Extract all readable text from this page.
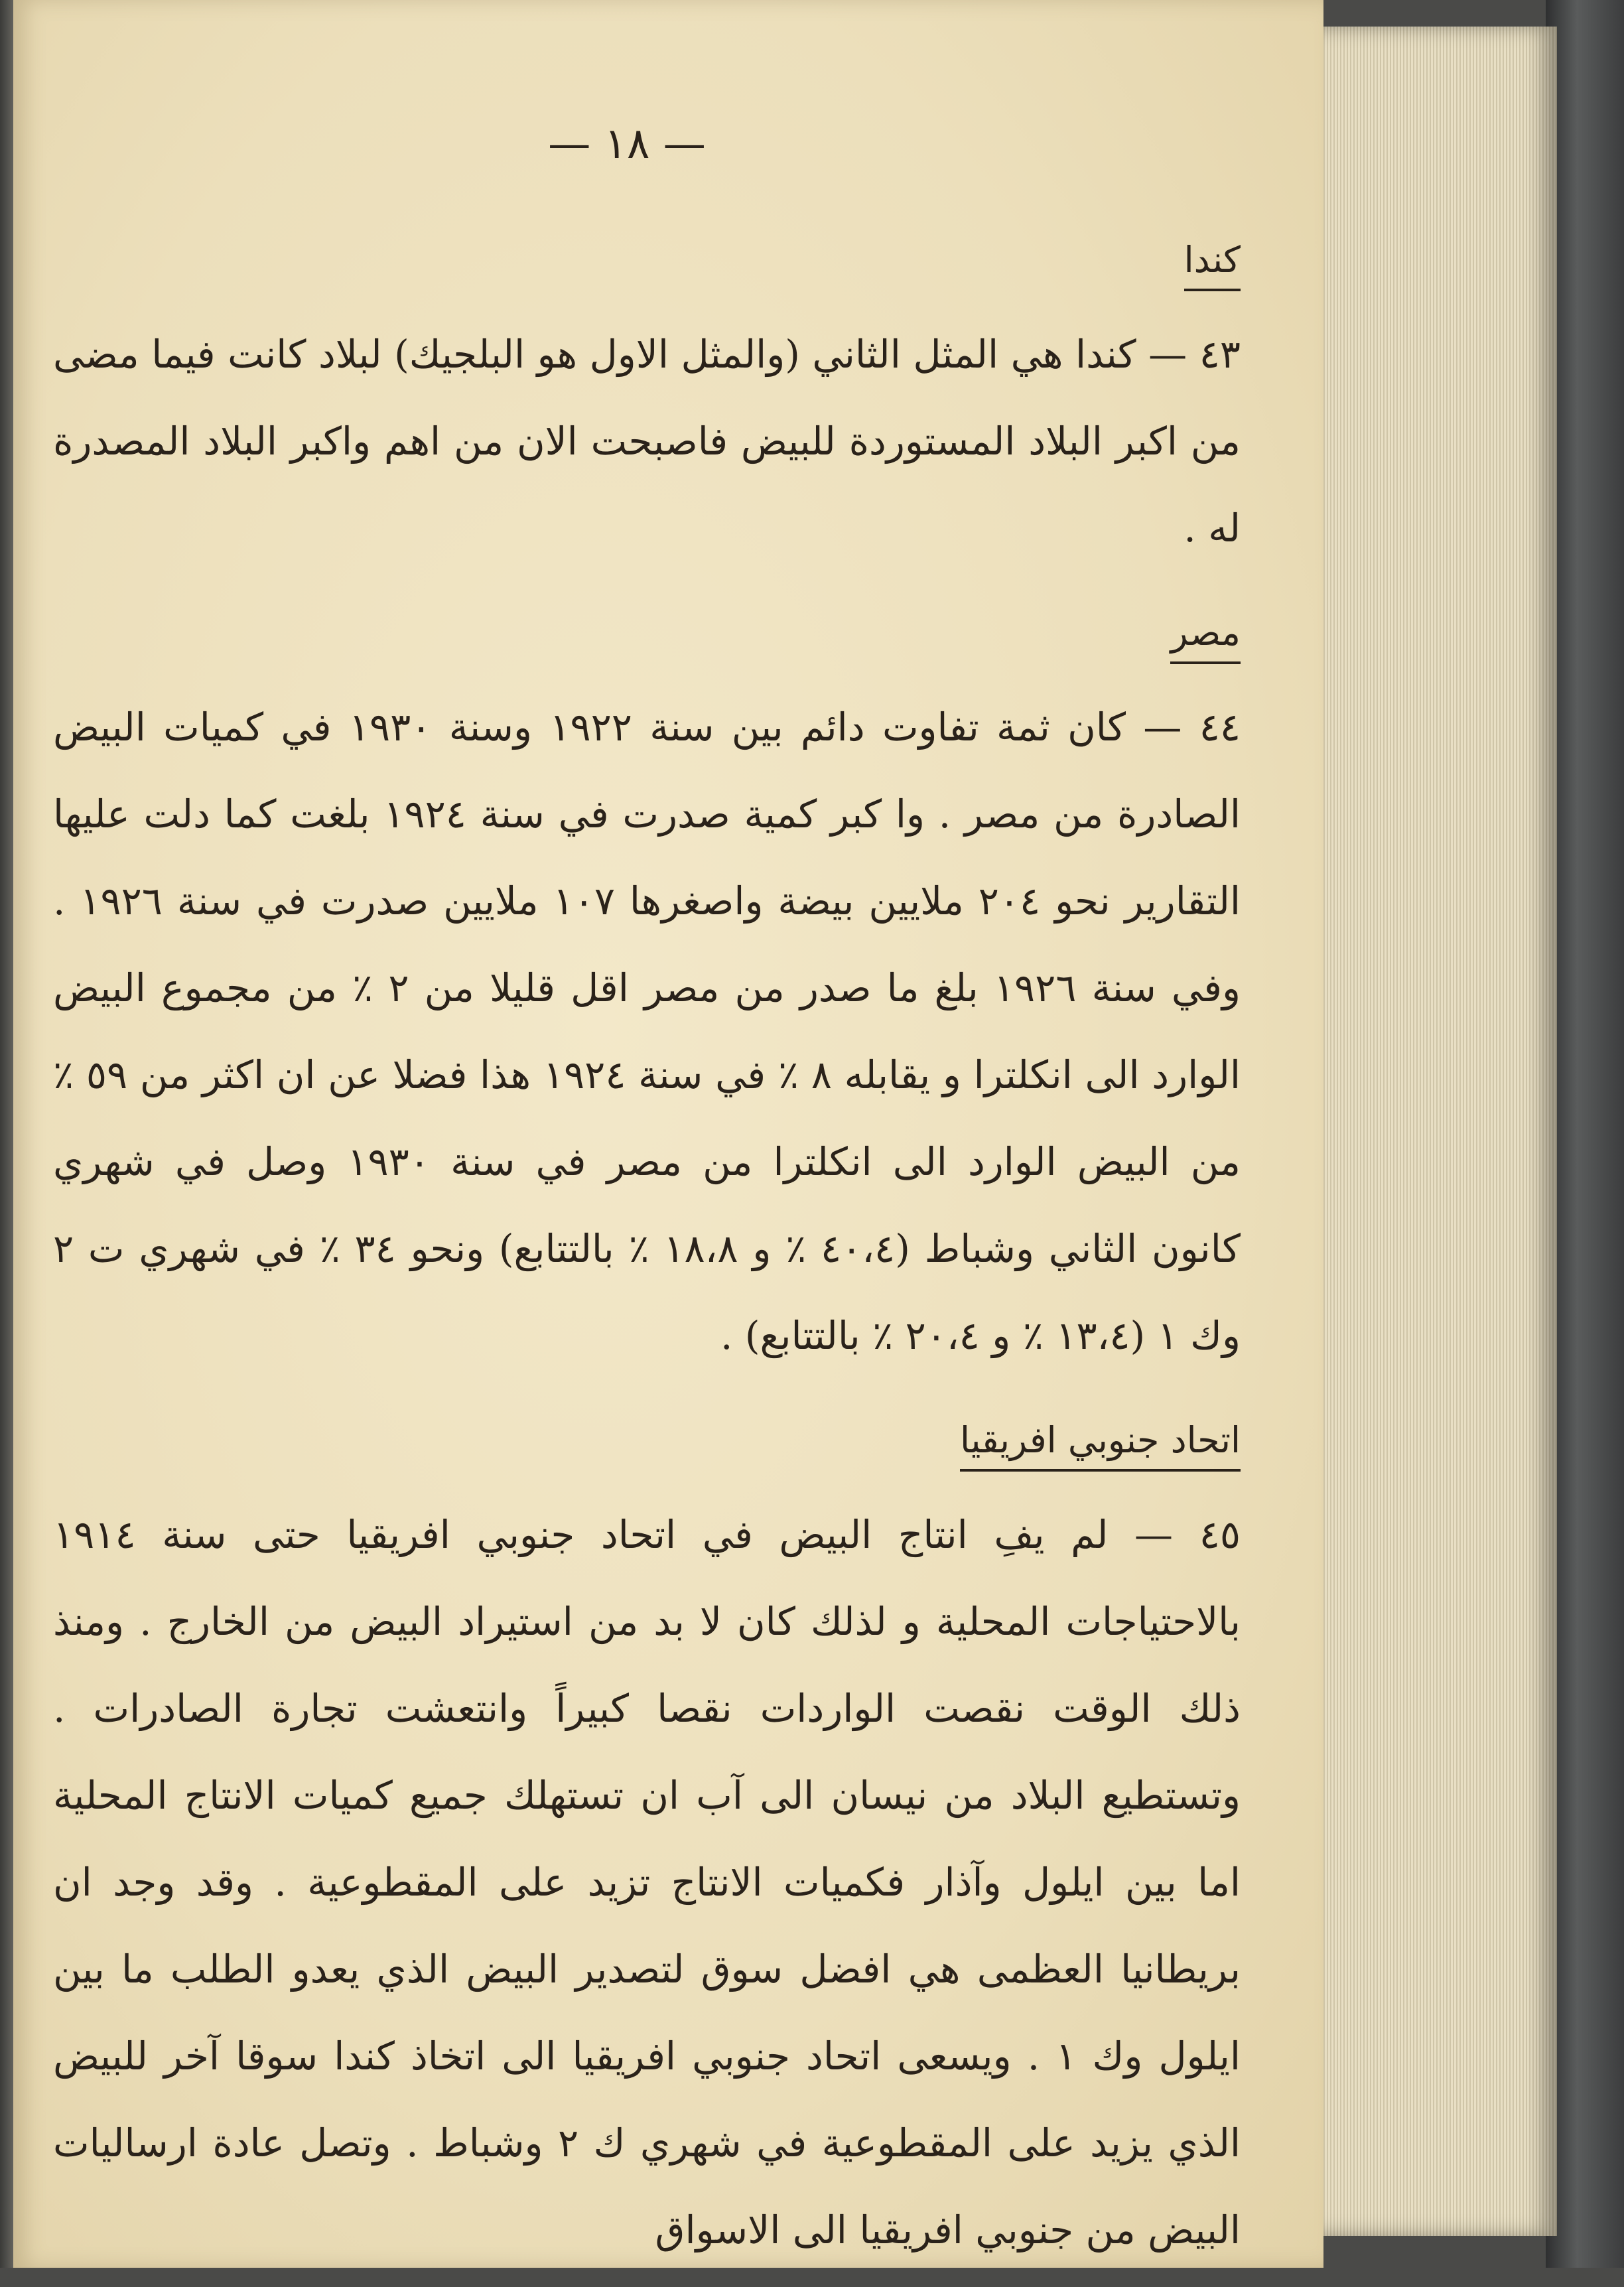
— ١٨ —
كندا

٤٣ — كندا هي المثل الثاني (والمثل الاول هو البلجيك) لبلاد كانت فيما مضى من اكبر البلاد المستوردة للبيض فاصبحت الان من اهم واكبر البلاد المصدرة له .

مصر

٤٤ — كان ثمة تفاوت دائم بين سنة ١٩٢٢ وسنة ١٩٣٠ في كميات البيض الصادرة من مصر . وا كبر كمية صدرت في سنة ١٩٢٤ بلغت كما دلت عليها التقارير نحو ٢٠٤ ملايين بيضة واصغرها ١٠٧ ملايين صدرت في سنة ١٩٢٦ . وفي سنة ١٩٢٦ بلغ ما صدر من مصر اقل قليلا من ٢ ٪ من مجموع البيض الوارد الى انكلترا و يقابله ٨ ٪ في سنة ١٩٢٤ هذا فضلا عن ان اكثر من ٥٩ ٪ من البيض الوارد الى انكلترا من مصر في سنة ١٩٣٠ وصل في شهري كانون الثاني وشباط (٤٠،٤ ٪ و ١٨،٨ ٪ بالتتابع) ونحو ٣٤ ٪ في شهري ت ٢ وك ١ (١٣،٤ ٪ و ٢٠،٤ ٪ بالتتابع) .

اتحاد جنوبي افريقيا

٤٥ — لم يفِ انتاج البيض في اتحاد جنوبي افريقيا حتى سنة ١٩١٤ بالاحتياجات المحلية و لذلك كان لا بد من استيراد البيض من الخارج . ومنذ ذلك الوقت نقصت الواردات نقصا كبيراً وانتعشت تجارة الصادرات . وتستطيع البلاد من نيسان الى آب ان تستهلك جميع كميات الانتاج المحلية اما بين ايلول وآذار فكميات الانتاج تزيد على المقطوعية . وقد وجد ان بريطانيا العظمى هي افضل سوق لتصدير البيض الذي يعدو الطلب ما بين ايلول وك ١ . ويسعى اتحاد جنوبي افريقيا الى اتخاذ كندا سوقا آخر للبيض الذي يزيد على المقطوعية في شهري ك ٢ وشباط . وتصل عادة ارساليات البيض من جنوبي افريقيا الى الاسواق
